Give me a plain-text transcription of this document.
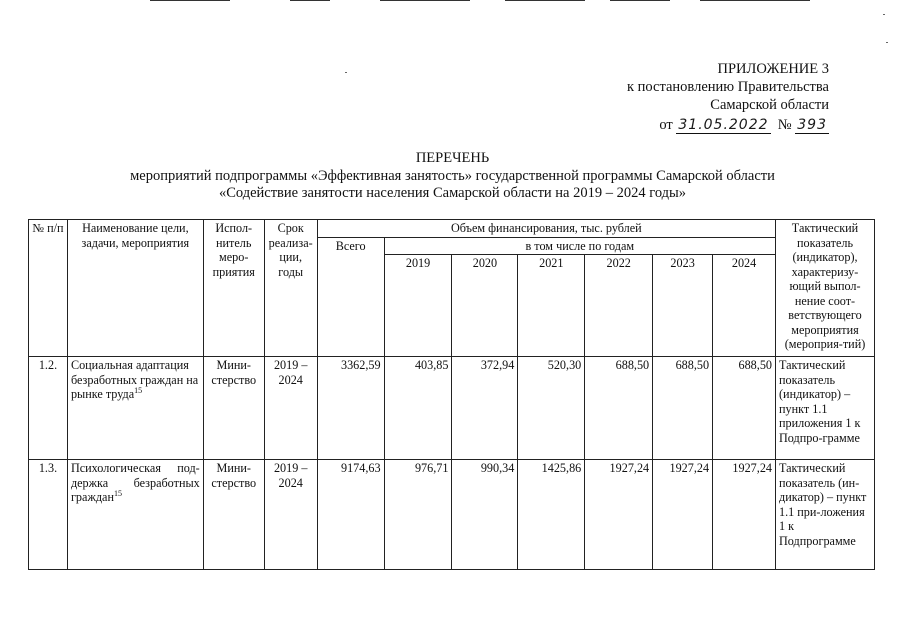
ПРИЛОЖЕНИЕ 3
к постановлению Правительства
Самарской области
от 31.05.2022 № 393
ПЕРЕЧЕНЬ
мероприятий подпрограммы «Эффективная занятость» государственной программы Самарской области
«Содействие занятости населения Самарской области на 2019 – 2024 годы»
№ п/п	Наименование цели, задачи, мероприятия	Испол-нитель меро-приятия	Срок реализа-ции, годы	Объем финансирования, тыс. рублей							Тактический показатель (индикатор), характеризу-ющий выпол-нение соот-ветствующего мероприятия (мероприя-тий)
				Всего	в том числе по годам						
					2019	2020	2021	2022	2023	2024	
1.2.	Социальная адаптация безработных граждан на рынке труда$^{15}$	Мини-стерство	2019 – 2024	3362,59	403,85	372,94	520,30	688,50	688,50	688,50	Тактический показатель (индикатор) – пункт 1.1 приложения 1 к Подпро-грамме
1.3.	Психологическая под-держка безработных граждан$^{15}$	Мини-стерство	2019 – 2024	9174,63	976,71	990,34	1425,86	1927,24	1927,24	1927,24	Тактический показатель (ин-дикатор) – пункт 1.1 при-ложения 1 к Подпрограмме
